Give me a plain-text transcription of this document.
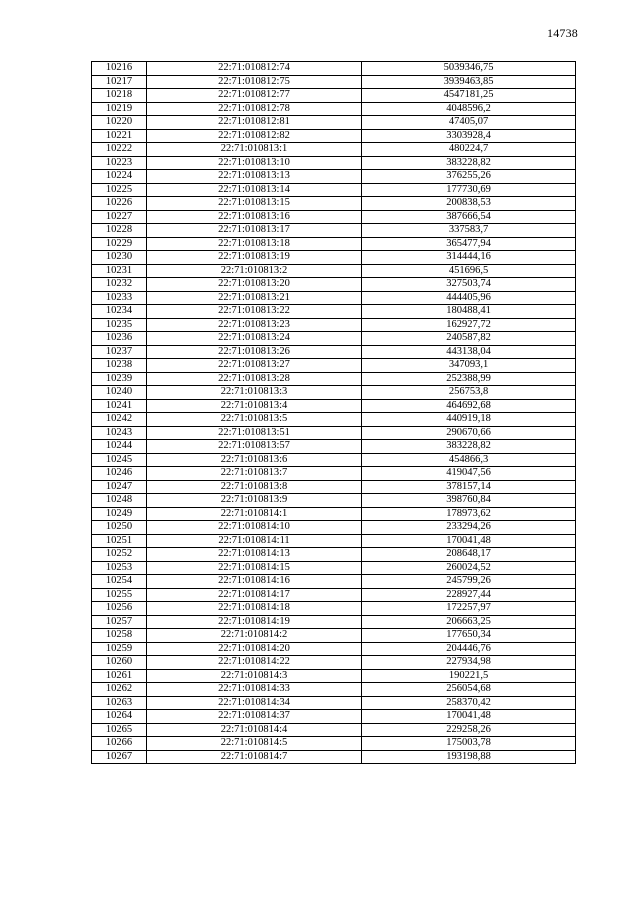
14738
10216	22:71:010812:74	5039346,75
10217	22:71:010812:75	3939463,85
10218	22:71:010812:77	4547181,25
10219	22:71:010812:78	4048596,2
10220	22:71:010812:81	47405,07
10221	22:71:010812:82	3303928,4
10222	22:71:010813:1	480224,7
10223	22:71:010813:10	383228,82
10224	22:71:010813:13	376255,26
10225	22:71:010813:14	177730,69
10226	22:71:010813:15	200838,53
10227	22:71:010813:16	387666,54
10228	22:71:010813:17	337583,7
10229	22:71:010813:18	365477,94
10230	22:71:010813:19	314444,16
10231	22:71:010813:2	451696,5
10232	22:71:010813:20	327503,74
10233	22:71:010813:21	444405,96
10234	22:71:010813:22	180488,41
10235	22:71:010813:23	162927,72
10236	22:71:010813:24	240587,82
10237	22:71:010813:26	443138,04
10238	22:71:010813:27	347093,1
10239	22:71:010813:28	252388,99
10240	22:71:010813:3	256753,8
10241	22:71:010813:4	464692,68
10242	22:71:010813:5	440919,18
10243	22:71:010813:51	290670,66
10244	22:71:010813:57	383228,82
10245	22:71:010813:6	454866,3
10246	22:71:010813:7	419047,56
10247	22:71:010813:8	378157,14
10248	22:71:010813:9	398760,84
10249	22:71:010814:1	178973,62
10250	22:71:010814:10	233294,26
10251	22:71:010814:11	170041,48
10252	22:71:010814:13	208648,17
10253	22:71:010814:15	260024,52
10254	22:71:010814:16	245799,26
10255	22:71:010814:17	228927,44
10256	22:71:010814:18	172257,97
10257	22:71:010814:19	206663,25
10258	22:71:010814:2	177650,34
10259	22:71:010814:20	204446,76
10260	22:71:010814:22	227934,98
10261	22:71:010814:3	190221,5
10262	22:71:010814:33	256054,68
10263	22:71:010814:34	258370,42
10264	22:71:010814:37	170041,48
10265	22:71:010814:4	229258,26
10266	22:71:010814:5	175003,78
10267	22:71:010814:7	193198,88
